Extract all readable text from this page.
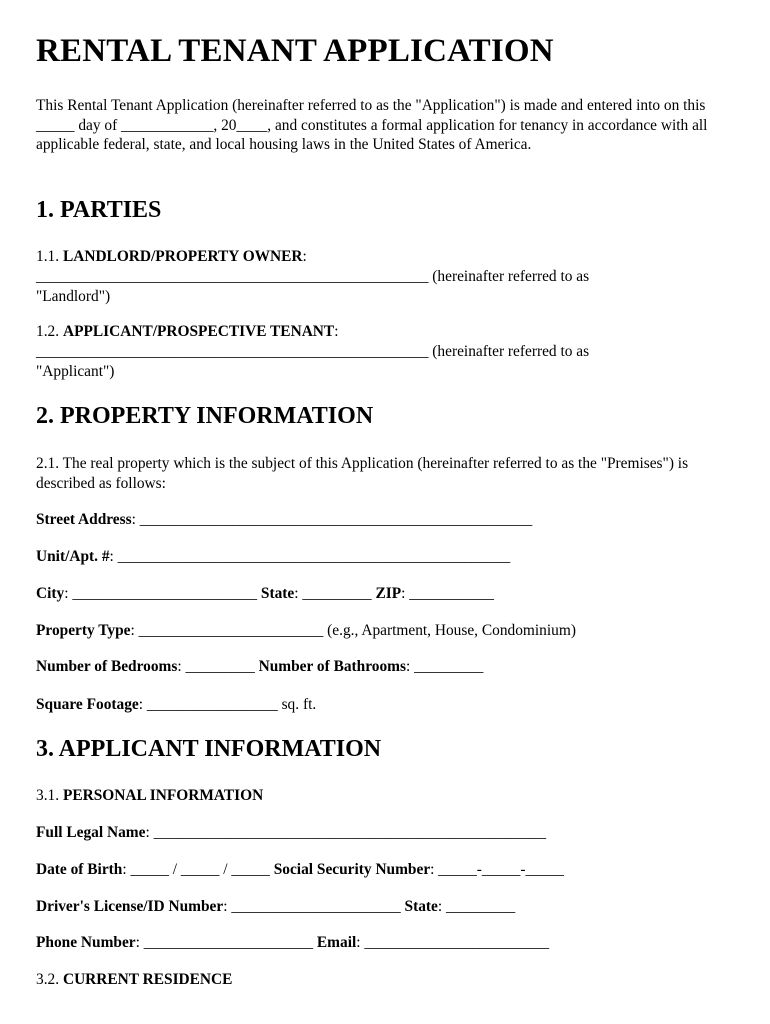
RENTAL TENANT APPLICATION
This Rental Tenant Application (hereinafter referred to as the "Application") is made and entered into on this _____ day of ____________, 20____, and constitutes a formal application for tenancy in accordance with all applicable federal, state, and local housing laws in the United States of America.
1. PARTIES
1.1. LANDLORD/PROPERTY OWNER:
___________________________________________________ (hereinafter referred to as
"Landlord")
1.2. APPLICANT/PROSPECTIVE TENANT:
___________________________________________________ (hereinafter referred to as
"Applicant")
2. PROPERTY INFORMATION
2.1. The real property which is the subject of this Application (hereinafter referred to as the "Premises") is described as follows:
Street Address: ___________________________________________________
Unit/Apt. #: ___________________________________________________
City: ________________________ State: _________ ZIP: ___________
Property Type: ________________________ (e.g., Apartment, House, Condominium)
Number of Bedrooms: _________ Number of Bathrooms: _________
Square Footage: _________________ sq. ft.
3. APPLICANT INFORMATION
3.1. PERSONAL INFORMATION
Full Legal Name: ___________________________________________________
Date of Birth: _____ / _____ / _____ Social Security Number: _____-_____-_____
Driver's License/ID Number: ______________________ State: _________
Phone Number: ______________________ Email: ________________________
3.2. CURRENT RESIDENCE
